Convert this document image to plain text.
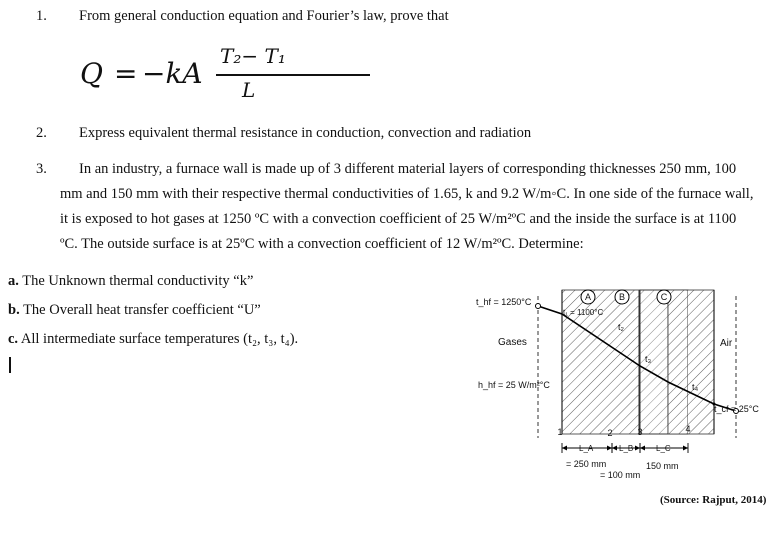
1. From general conduction equation and Fourier’s law, prove that
Q = −kA
T₂− T₁
L
2. Express equivalent thermal resistance in conduction, convection and radiation
3. In an industry, a furnace wall is made up of 3 different material layers of corresponding thicknesses 250 mm, 100
mm and 150 mm with their respective thermal conductivities of 1.65, k and 9.2 W/m◦C. In one side of the furnace wall,
it is exposed to hot gases at 1250 ºC with a convection coefficient of 25 W/m²ºC and the inside the surface is at 1100
ºC. The outside surface is at 25ºC with a convection coefficient of 12 W/m²ºC. Determine:
a. The Unknown thermal conductivity “k”
b. The Overall heat transfer coefficient “U”
c. All intermediate surface temperatures (t₂, t₃, t₄).
t_hf = 1250°C
t₁ = 1100°C
t₂
t₃
t₄
Gases	Air
h_hf = 25 W/m²°C
t_cf = 25°C
A	B	C
1	2	3	4
L_A	L_B	L_C
= 250 mm	150 mm
= 100 mm
(Source: Rajput, 2014)
